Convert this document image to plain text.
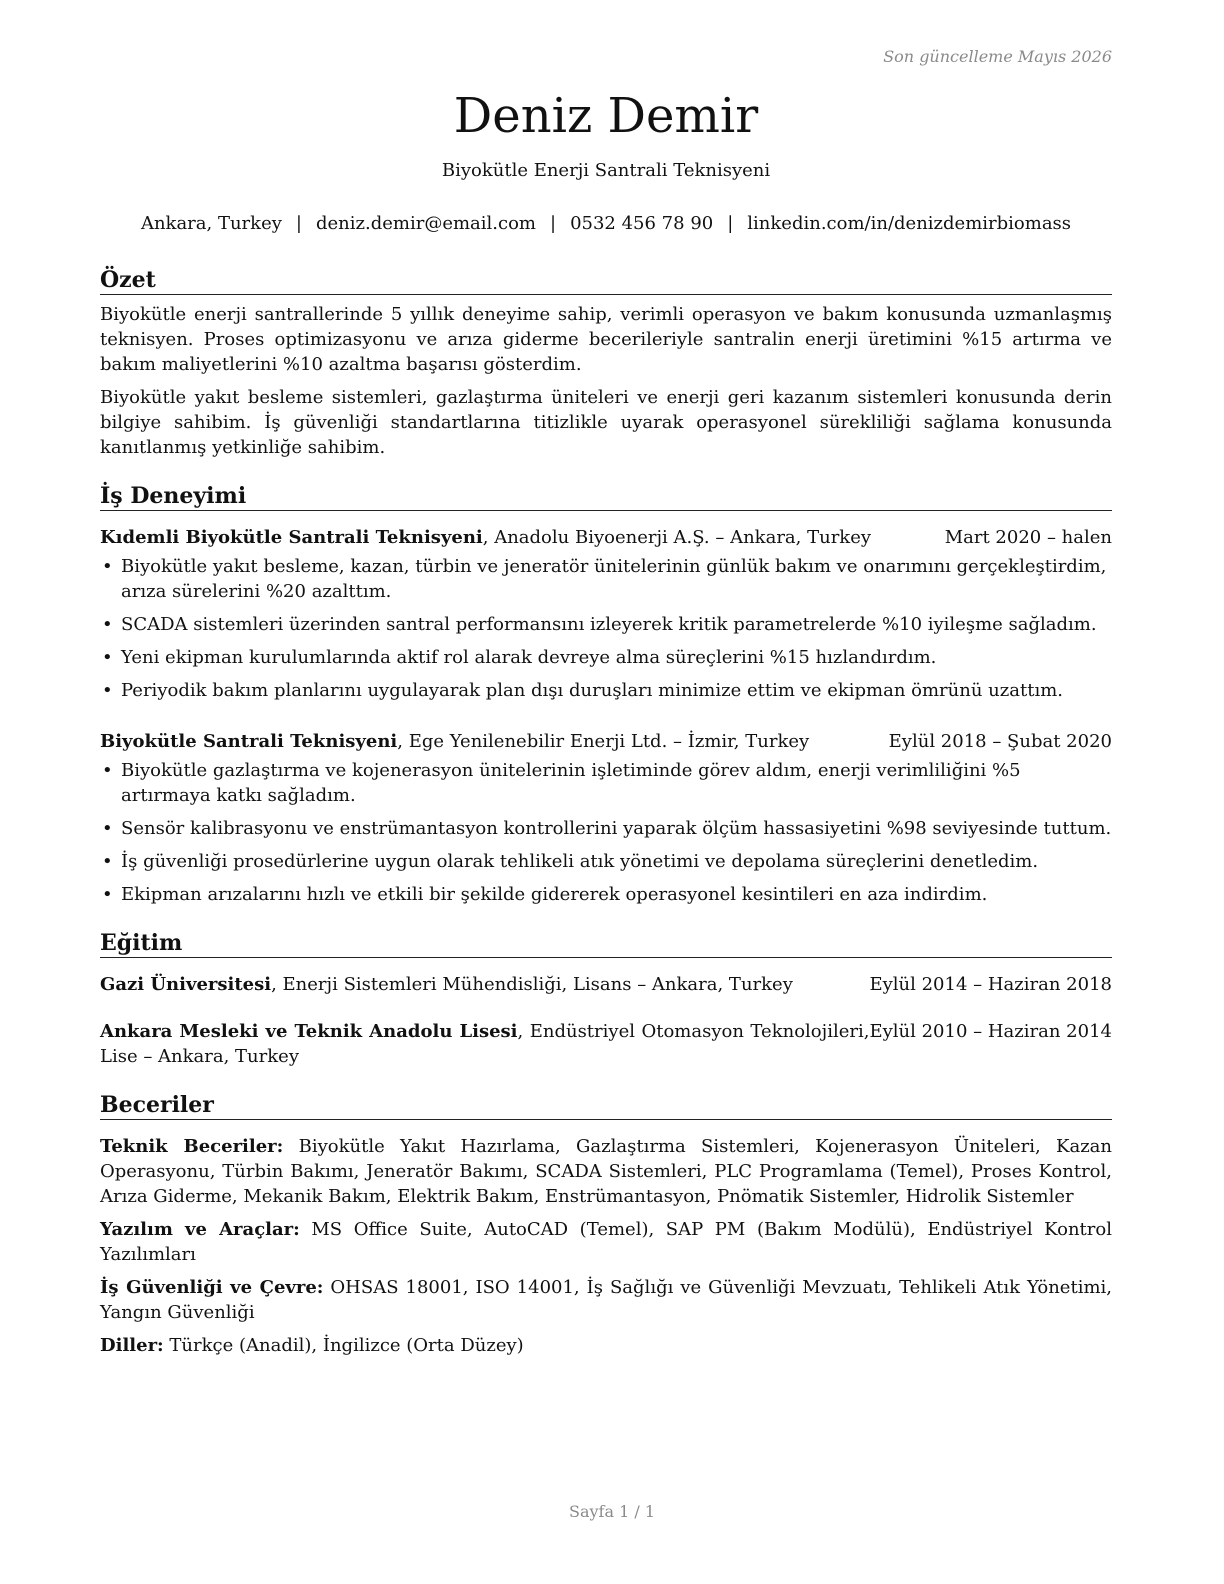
Son güncelleme Mayıs 2026
Deniz Demir
Biyokütle Enerji Santrali Teknisyeni
Ankara, Turkey | deniz.demir@email.com | 0532 456 78 90 | linkedin.com/in/denizdemirbiomass
Özet

Biyokütle enerji santrallerinde 5 yıllık deneyime sahip, verimli operasyon ve bakım konusunda uzmanlaşmış teknisyen. Proses optimizasyonu ve arıza giderme becerileriyle santralin enerji üretimini %15 artırma ve bakım maliyetlerini %10 azaltma başarısı gösterdim.

Biyokütle yakıt besleme sistemleri, gazlaştırma üniteleri ve enerji geri kazanım sistemleri konusunda derin bilgiye sahibim. İş güvenliği standartlarına titizlikle uyarak operasyonel sürekliliği sağlama konusunda kanıtlanmış yetkinliğe sahibim.

İş Deneyimi
Kıdemli Biyokütle Santrali Teknisyeni, Anadolu Biyoenerji A.Ş. – Ankara, Turkey	Mart 2020 – halen
• Biyokütle yakıt besleme, kazan, türbin ve jeneratör ünitelerinin günlük bakım ve onarımını gerçekleştirdim, arıza sürelerini %20 azalttım.
• SCADA sistemleri üzerinden santral performansını izleyerek kritik parametrelerde %10 iyileşme sağladım.
• Yeni ekipman kurulumlarında aktif rol alarak devreye alma süreçlerini %15 hızlandırdım.
• Periyodik bakım planlarını uygulayarak plan dışı duruşları minimize ettim ve ekipman ömrünü uzattım.
Biyokütle Santrali Teknisyeni, Ege Yenilenebilir Enerji Ltd. – İzmir, Turkey	Eylül 2018 – Şubat 2020
• Biyokütle gazlaştırma ve kojenerasyon ünitelerinin işletiminde görev aldım, enerji verimliliğini %5 artırmaya katkı sağladım.
• Sensör kalibrasyonu ve enstrümantasyon kontrollerini yaparak ölçüm hassasiyetini %98 seviyesinde tuttum.
• İş güvenliği prosedürlerine uygun olarak tehlikeli atık yönetimi ve depolama süreçlerini denetledim.
• Ekipman arızalarını hızlı ve etkili bir şekilde gidererek operasyonel kesintileri en aza indirdim.
Eğitim
Gazi Üniversitesi, Enerji Sistemleri Mühendisliği, Lisans – Ankara, Turkey	Eylül 2014 – Haziran 2018
Ankara Mesleki ve Teknik Anadolu Lisesi, Endüstriyel Otomasyon Teknolojileri, Lise – Ankara, Turkey
Eylül 2010 – Haziran 2014
Beceriler
Teknik Beceriler: Biyokütle Yakıt Hazırlama, Gazlaştırma Sistemleri, Kojenerasyon Üniteleri, Kazan Operasyonu, Türbin Bakımı, Jeneratör Bakımı, SCADA Sistemleri, PLC Programlama (Temel), Proses Kontrol, Arıza Giderme, Mekanik Bakım, Elektrik Bakım, Enstrümantasyon, Pnömatik Sistemler, Hidrolik Sistemler
Yazılım ve Araçlar: MS Office Suite, AutoCAD (Temel), SAP PM (Bakım Modülü), Endüstriyel Kontrol Yazılımları
İş Güvenliği ve Çevre: OHSAS 18001, ISO 14001, İş Sağlığı ve Güvenliği Mevzuatı, Tehlikeli Atık Yönetimi, Yangın Güvenliği
Diller: Türkçe (Anadil), İngilizce (Orta Düzey)
Sayfa 1 / 1
